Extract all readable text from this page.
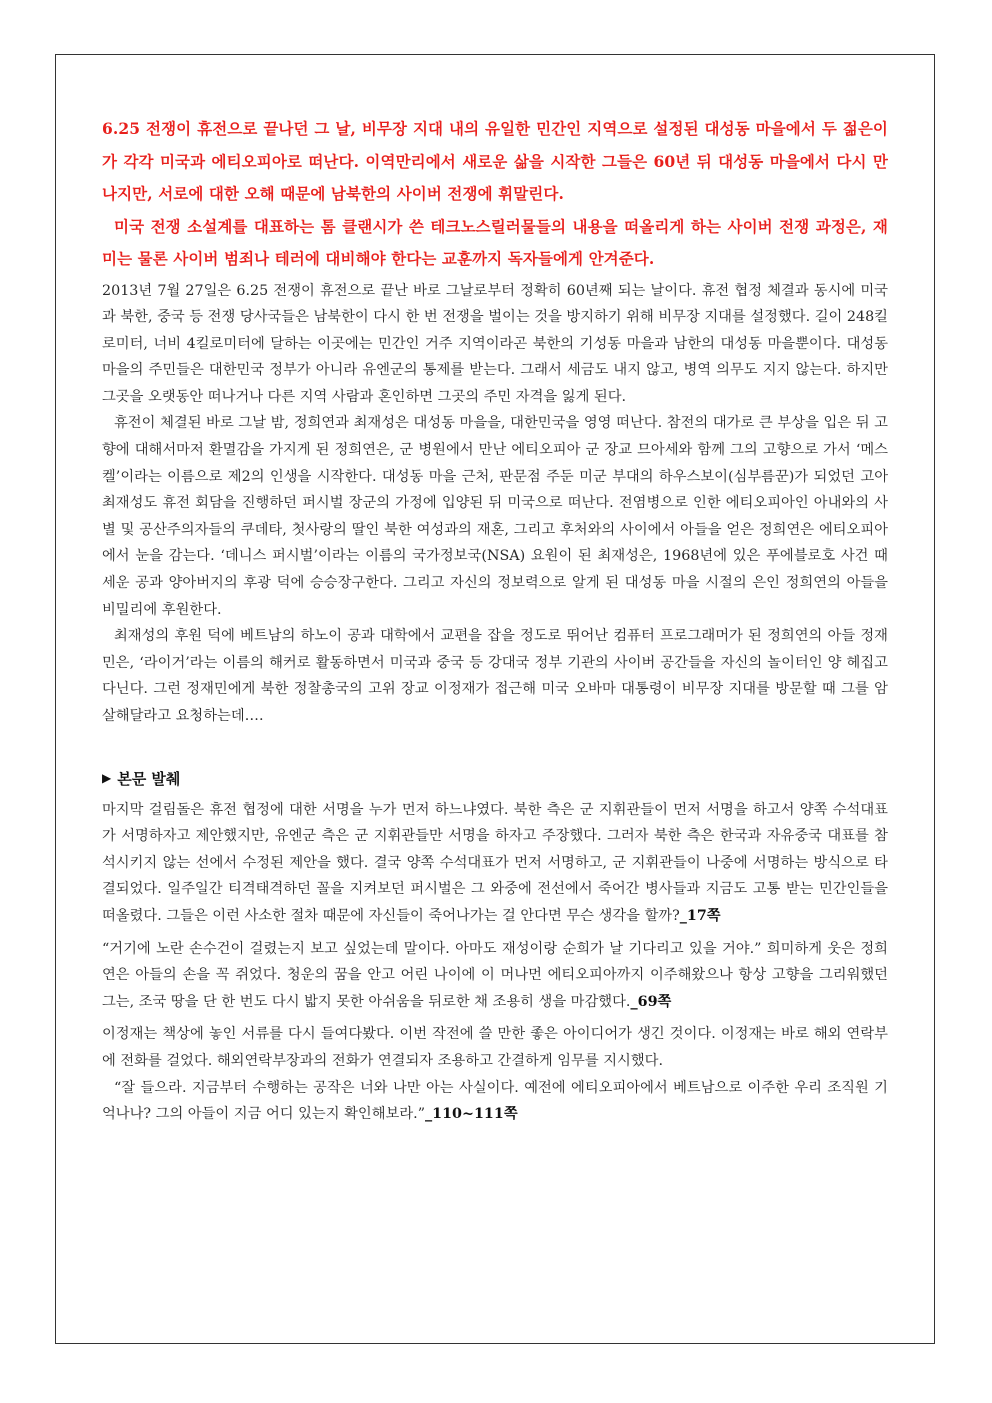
6.25 전쟁이 휴전으로 끝나던 그 날, 비무장 지대 내의 유일한 민간인 지역으로 설정된 대성동 마을에서 두 젊은이가 각각 미국과 에티오피아로 떠난다. 이역만리에서 새로운 삶을 시작한 그들은 60년 뒤 대성동 마을에서 다시 만나지만, 서로에 대한 오해 때문에 남북한의 사이버 전쟁에 휘말린다.

미국 전쟁 소설계를 대표하는 톰 클랜시가 쓴 테크노스릴러물들의 내용을 떠올리게 하는 사이버 전쟁 과정은, 재미는 물론 사이버 범죄나 테러에 대비해야 한다는 교훈까지 독자들에게 안겨준다.

2013년 7월 27일은 6.25 전쟁이 휴전으로 끝난 바로 그날로부터 정확히 60년째 되는 날이다. 휴전 협정 체결과 동시에 미국과 북한, 중국 등 전쟁 당사국들은 남북한이 다시 한 번 전쟁을 벌이는 것을 방지하기 위해 비무장 지대를 설정했다. 길이 248킬로미터, 너비 4킬로미터에 달하는 이곳에는 민간인 거주 지역이라곤 북한의 기성동 마을과 남한의 대성동 마을뿐이다. 대성동 마을의 주민들은 대한민국 정부가 아니라 유엔군의 통제를 받는다. 그래서 세금도 내지 않고, 병역 의무도 지지 않는다. 하지만 그곳을 오랫동안 떠나거나 다른 지역 사람과 혼인하면 그곳의 주민 자격을 잃게 된다.

휴전이 체결된 바로 그날 밤, 정희연과 최재성은 대성동 마을을, 대한민국을 영영 떠난다. 참전의 대가로 큰 부상을 입은 뒤 고향에 대해서마저 환멸감을 가지게 된 정희연은, 군 병원에서 만난 에티오피아 군 장교 므아세와 함께 그의 고향으로 가서 ‘메스켈’이라는 이름으로 제2의 인생을 시작한다. 대성동 마을 근처, 판문점 주둔 미군 부대의 하우스보이(심부름꾼)가 되었던 고아 최재성도 휴전 회담을 진행하던 퍼시벌 장군의 가정에 입양된 뒤 미국으로 떠난다. 전염병으로 인한 에티오피아인 아내와의 사별 및 공산주의자들의 쿠데타, 첫사랑의 딸인 북한 여성과의 재혼, 그리고 후처와의 사이에서 아들을 얻은 정희연은 에티오피아에서 눈을 감는다. ‘데니스 퍼시벌’이라는 이름의 국가정보국(NSA) 요원이 된 최재성은, 1968년에 있은 푸에블로호 사건 때 세운 공과 양아버지의 후광 덕에 승승장구한다. 그리고 자신의 정보력으로 알게 된 대성동 마을 시절의 은인 정희연의 아들을 비밀리에 후원한다.

최재성의 후원 덕에 베트남의 하노이 공과 대학에서 교편을 잡을 정도로 뛰어난 컴퓨터 프로그래머가 된 정희연의 아들 정재민은, ‘라이거’라는 이름의 해커로 활동하면서 미국과 중국 등 강대국 정부 기관의 사이버 공간들을 자신의 놀이터인 양 헤집고 다닌다. 그런 정재민에게 북한 정찰총국의 고위 장교 이정재가 접근해 미국 오바마 대통령이 비무장 지대를 방문할 때 그를 암살해달라고 요청하는데….

▶ 본문 발췌

마지막 걸림돌은 휴전 협정에 대한 서명을 누가 먼저 하느냐였다. 북한 측은 군 지휘관들이 먼저 서명을 하고서 양쪽 수석대표가 서명하자고 제안했지만, 유엔군 측은 군 지휘관들만 서명을 하자고 주장했다. 그러자 북한 측은 한국과 자유중국 대표를 참석시키지 않는 선에서 수정된 제안을 했다. 결국 양쪽 수석대표가 먼저 서명하고, 군 지휘관들이 나중에 서명하는 방식으로 타결되었다. 일주일간 티격태격하던 꼴을 지켜보던 퍼시벌은 그 와중에 전선에서 죽어간 병사들과 지금도 고통 받는 민간인들을 떠올렸다. 그들은 이런 사소한 절차 때문에 자신들이 죽어나가는 걸 안다면 무슨 생각을 할까?_17쪽

“거기에 노란 손수건이 걸렸는지 보고 싶었는데 말이다. 아마도 재성이랑 순희가 날 기다리고 있을 거야.” 희미하게 웃은 정희연은 아들의 손을 꼭 쥐었다. 청운의 꿈을 안고 어린 나이에 이 머나먼 에티오피아까지 이주해왔으나 항상 고향을 그리워했던 그는, 조국 땅을 단 한 번도 다시 밟지 못한 아쉬움을 뒤로한 채 조용히 생을 마감했다._69쪽

이정재는 책상에 놓인 서류를 다시 들여다봤다. 이번 작전에 쓸 만한 좋은 아이디어가 생긴 것이다. 이정재는 바로 해외 연락부에 전화를 걸었다. 해외연락부장과의 전화가 연결되자 조용하고 간결하게 임무를 지시했다.

“잘 들으라. 지금부터 수행하는 공작은 너와 나만 아는 사실이다. 예전에 에티오피아에서 베트남으로 이주한 우리 조직원 기억나나? 그의 아들이 지금 어디 있는지 확인해보라.”_110~111쪽
